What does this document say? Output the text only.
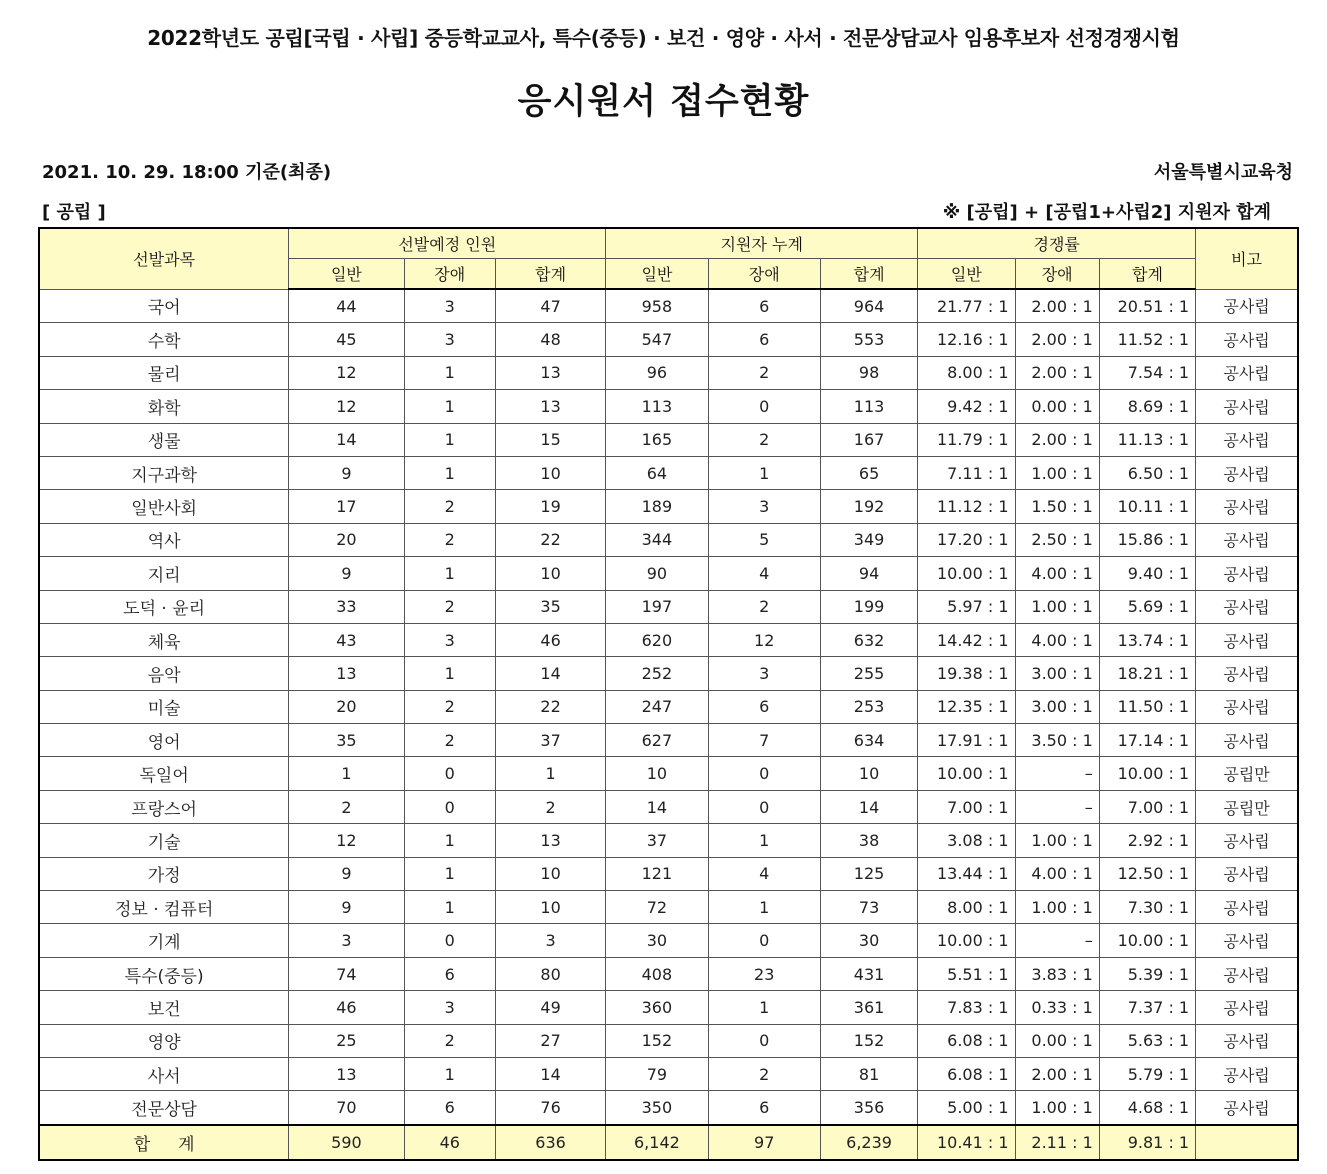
2022학년도 공립[국립 · 사립] 중등학교교사, 특수(중등) · 보건 · 영양 · 사서 · 전문상담교사 임용후보자 선정경쟁시험
응시원서 접수현황
2021. 10. 29. 18:00 기준(최종)	서울특별시교육청
[ 공립 ]	※ [공립] + [공립1+사립2] 지원자 합계
선발과목	선발예정 인원			지원자 누계			경쟁률			비고
	일반	장애	합계	일반	장애	합계	일반	장애	합계	
국어	44	3	47	958	6	964	21.77 : 1	2.00 : 1	20.51 : 1	공사립
수학	45	3	48	547	6	553	12.16 : 1	2.00 : 1	11.52 : 1	공사립
물리	12	1	13	96	2	98	8.00 : 1	2.00 : 1	7.54 : 1	공사립
화학	12	1	13	113	0	113	9.42 : 1	0.00 : 1	8.69 : 1	공사립
생물	14	1	15	165	2	167	11.79 : 1	2.00 : 1	11.13 : 1	공사립
지구과학	9	1	10	64	1	65	7.11 : 1	1.00 : 1	6.50 : 1	공사립
일반사회	17	2	19	189	3	192	11.12 : 1	1.50 : 1	10.11 : 1	공사립
역사	20	2	22	344	5	349	17.20 : 1	2.50 : 1	15.86 : 1	공사립
지리	9	1	10	90	4	94	10.00 : 1	4.00 : 1	9.40 : 1	공사립
도덕 · 윤리	33	2	35	197	2	199	5.97 : 1	1.00 : 1	5.69 : 1	공사립
체육	43	3	46	620	12	632	14.42 : 1	4.00 : 1	13.74 : 1	공사립
음악	13	1	14	252	3	255	19.38 : 1	3.00 : 1	18.21 : 1	공사립
미술	20	2	22	247	6	253	12.35 : 1	3.00 : 1	11.50 : 1	공사립
영어	35	2	37	627	7	634	17.91 : 1	3.50 : 1	17.14 : 1	공사립
독일어	1	0	1	10	0	10	10.00 : 1	–	10.00 : 1	공립만
프랑스어	2	0	2	14	0	14	7.00 : 1	–	7.00 : 1	공립만
기술	12	1	13	37	1	38	3.08 : 1	1.00 : 1	2.92 : 1	공사립
가정	9	1	10	121	4	125	13.44 : 1	4.00 : 1	12.50 : 1	공사립
정보 · 컴퓨터	9	1	10	72	1	73	8.00 : 1	1.00 : 1	7.30 : 1	공사립
기계	3	0	3	30	0	30	10.00 : 1	–	10.00 : 1	공사립
특수(중등)	74	6	80	408	23	431	5.51 : 1	3.83 : 1	5.39 : 1	공사립
보건	46	3	49	360	1	361	7.83 : 1	0.33 : 1	7.37 : 1	공사립
영양	25	2	27	152	0	152	6.08 : 1	0.00 : 1	5.63 : 1	공사립
사서	13	1	14	79	2	81	6.08 : 1	2.00 : 1	5.79 : 1	공사립
전문상담	70	6	76	350	6	356	5.00 : 1	1.00 : 1	4.68 : 1	공사립
합계	590	46	636	6,142	97	6,239	10.41 : 1	2.11 : 1	9.81 : 1	
